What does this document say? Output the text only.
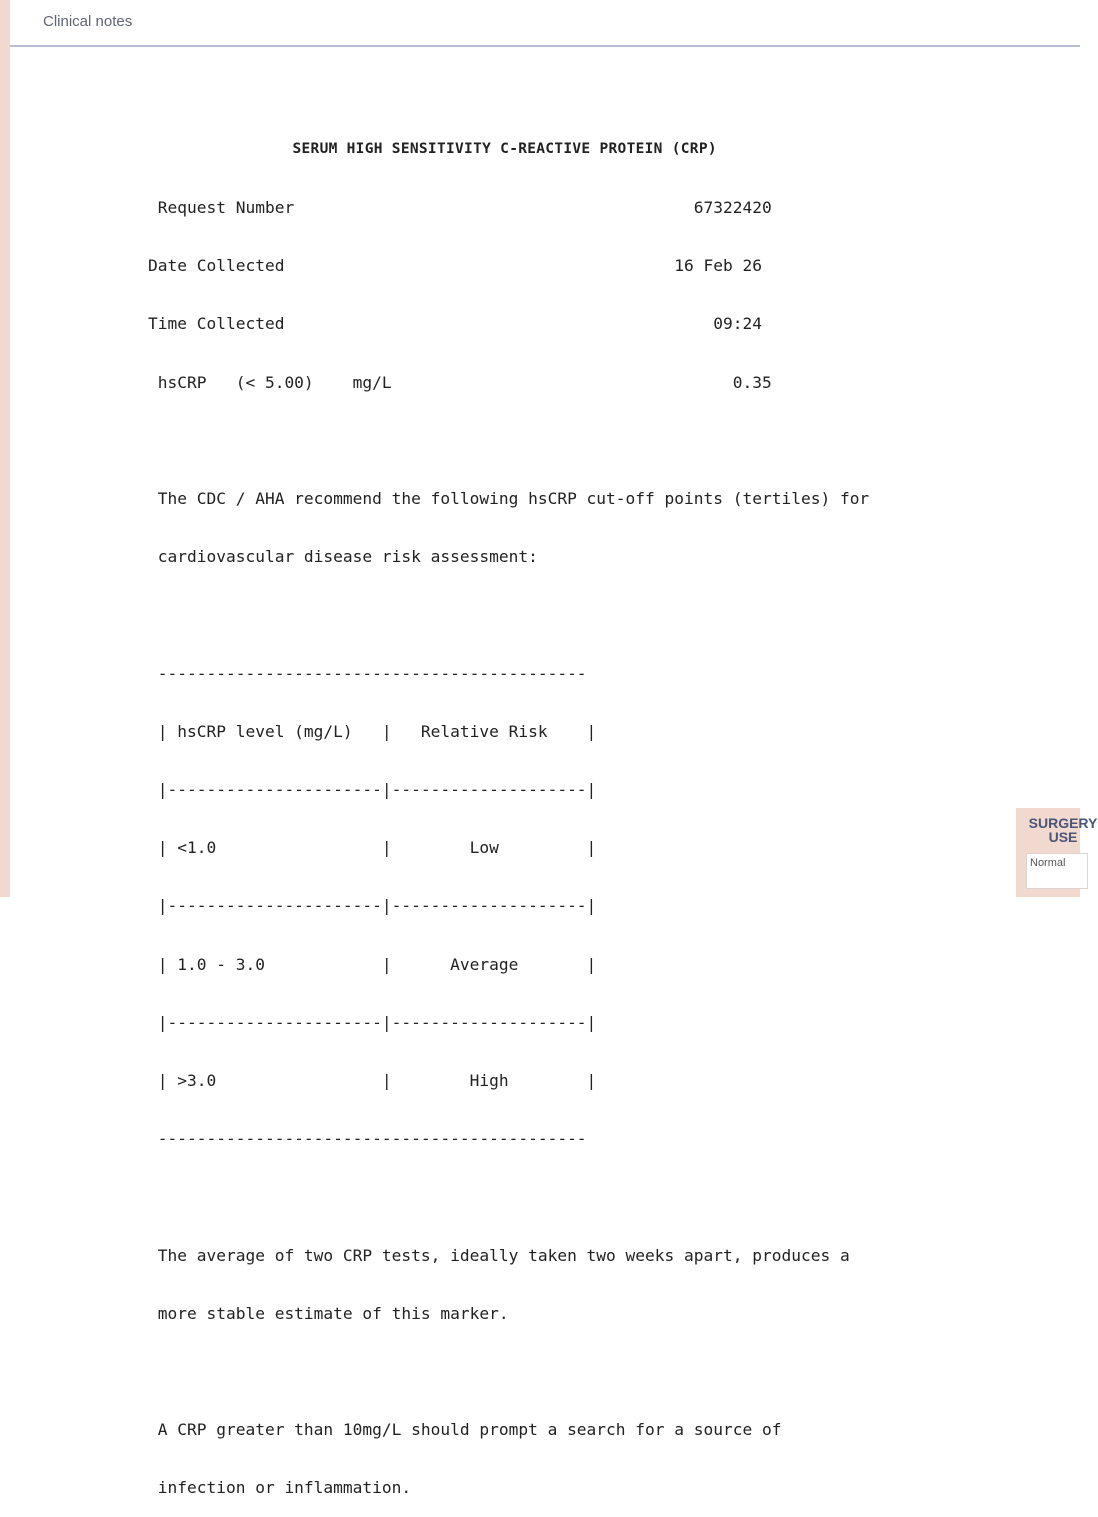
Clinical notes

SERUM HIGH SENSITIVITY C-REACTIVE PROTEIN (CRP)

Request Number                                         67322420

Date Collected                                        16 Feb 26

Time Collected                                            09:24

hsCRP   (< 5.00)    mg/L                                   0.35

The CDC / AHA recommend the following hsCRP cut-off points (tertiles) for

cardiovascular disease risk assessment:

--------------------------------------------

| hsCRP level (mg/L)   |   Relative Risk    |

|----------------------|--------------------|

| <1.0                 |        Low         |

|----------------------|--------------------|

| 1.0 - 3.0            |      Average       |

|----------------------|--------------------|

| >3.0                 |        High        |

--------------------------------------------

The average of two CRP tests, ideally taken two weeks apart, produces a

more stable estimate of this marker.

A CRP greater than 10mg/L should prompt a search for a source of

infection or inflammation.

SURGERY USE
Normal
